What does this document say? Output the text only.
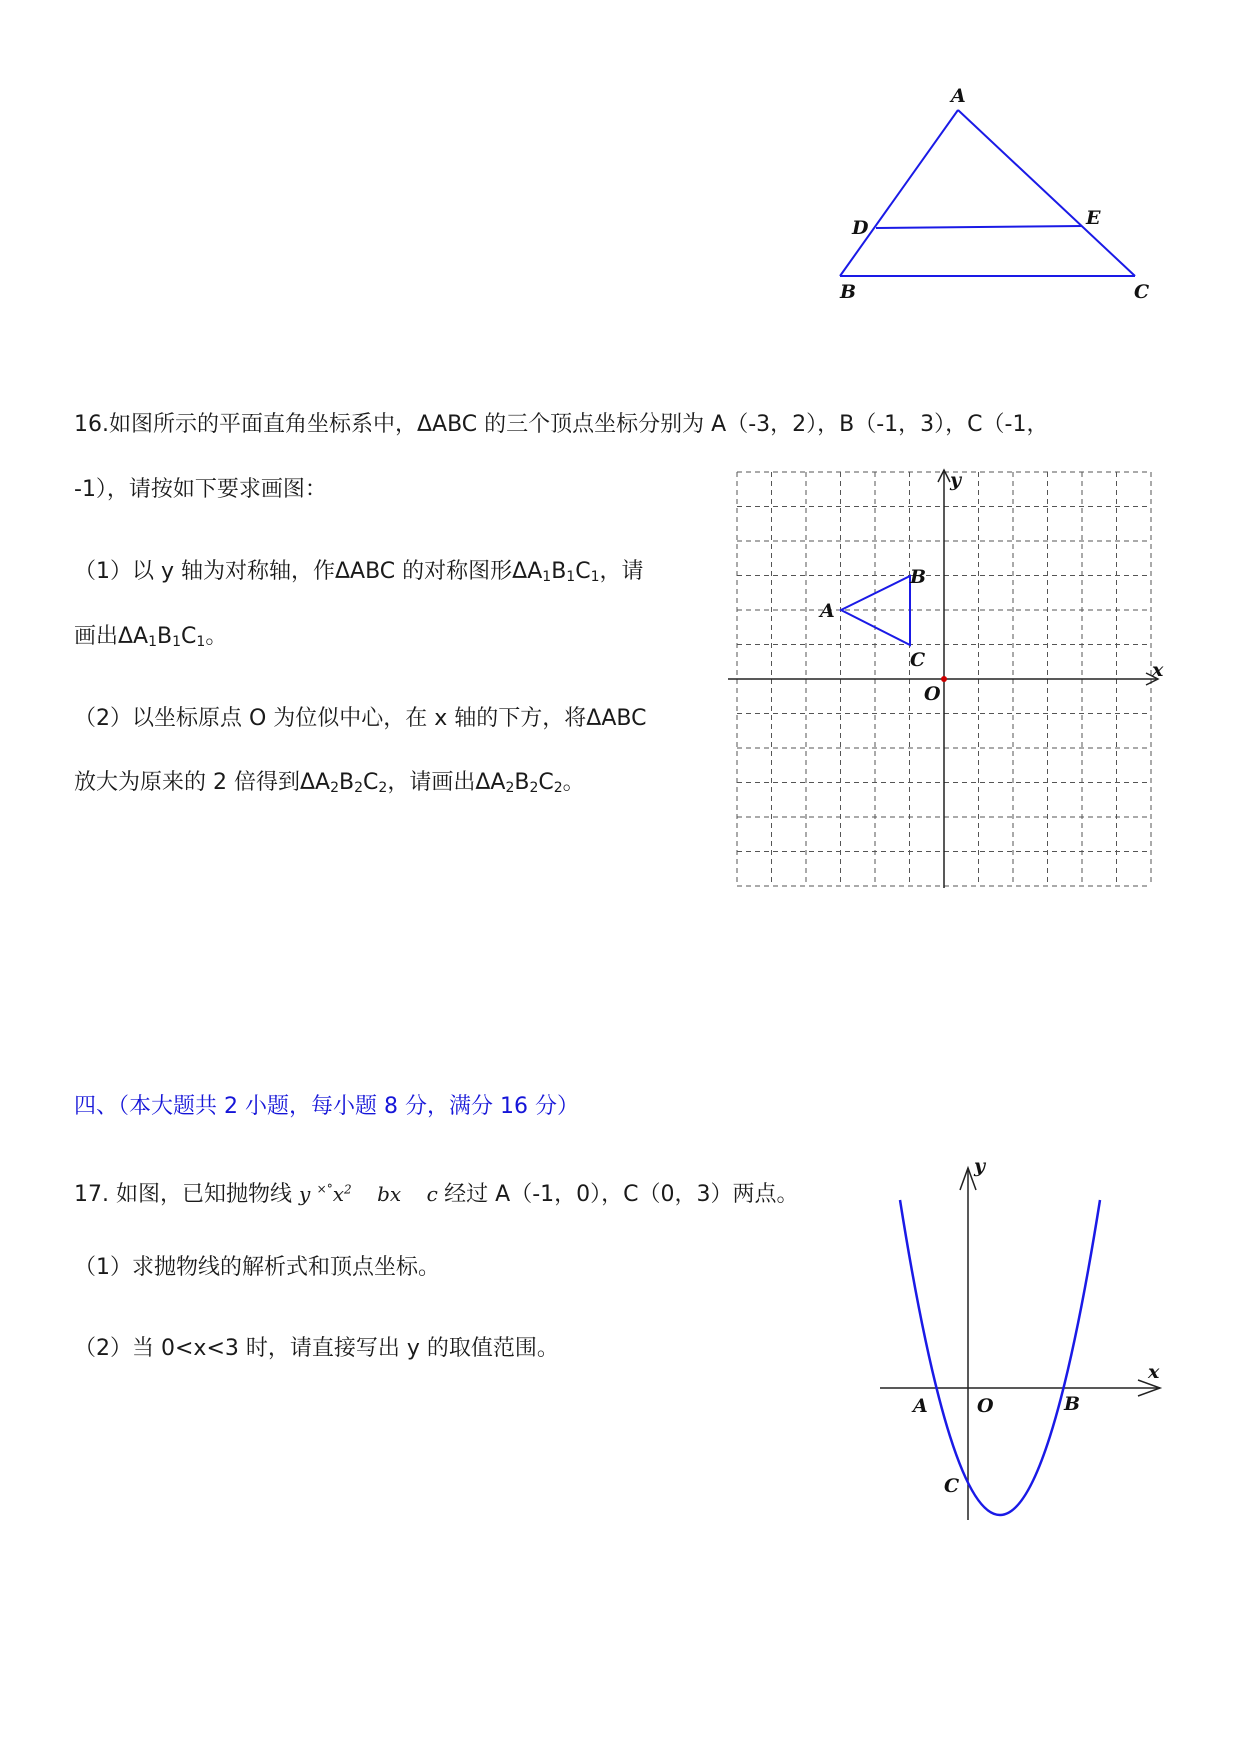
A
B	C
D	E
16.如图所示的平面直角坐标系中，ΔABC 的三个顶点坐标分别为 A（-3，2），B（-1，3），C（-1，
-1），请按如下要求画图：
（1）以 y 轴为对称轴，作ΔABC 的对称图形$\Delta A_1B_1C_1$，请
画出$\Delta A_1B_1C_1$。
（2）以坐标原点 O 为位似中心，在 x 轴的下方，将ΔABC
放大为原来的 2 倍得到$\Delta A_2B_2C_2$，请画出$\Delta A_2B_2C_2$。
x
y
O
A
B
C
四、（本大题共 2 小题，每小题 8 分，满分 16 分）
17. 如图，已知抛物线 y $^{\times^\circ}x^2$ bx c 经过 A（-1，0），C（0，3）两点。
（1）求抛物线的解析式和顶点坐标。
（2）当 0<x<3 时，请直接写出 y 的取值范围。
x
y
O
A	B
C
